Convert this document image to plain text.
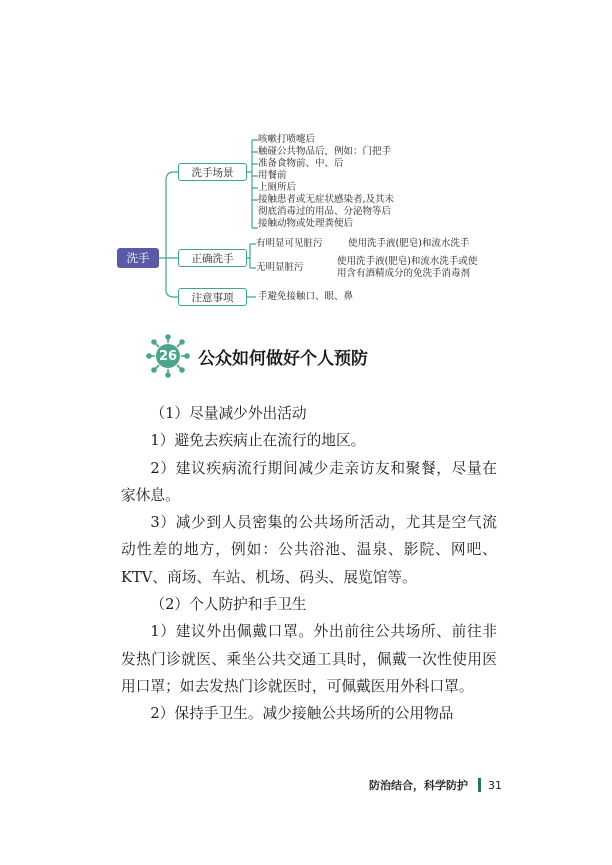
洗手
洗手场景
正确洗手
注意事项
咳嗽打喷嚏后
触碰公共物品后，例如：门把手
准备食物前、中、后
用餐前
上厕所后
接触患者或无症状感染者,及其未
彻底消毒过的用品、分泌物等后
接触动物或处理粪便后
有明显可见脏污	使用洗手液(肥皂)和流水洗手
无明显脏污
使用洗手液(肥皂)和流水洗手或使
用含有酒精成分的免洗手消毒剂
手避免接触口、眼、鼻
26 公众如何做好个人预防

（1）尽量减少外出活动

1）避免去疾病止在流行的地区。

2）建议疾病流行期间减少走亲访友和聚餐，尽量在家休息。

3）减少到人员密集的公共场所活动，尤其是空气流动性差的地方，例如：公共浴池、温泉、影院、网吧、KTV、商场、车站、机场、码头、展览馆等。

（2）个人防护和手卫生

1）建议外出佩戴口罩。外出前往公共场所、前往非发热门诊就医、乘坐公共交通工具时，佩戴一次性使用医用口罩；如去发热门诊就医时，可佩戴医用外科口罩。

2）保持手卫生。减少接触公共场所的公用物品

防治结合，科学防护 31
